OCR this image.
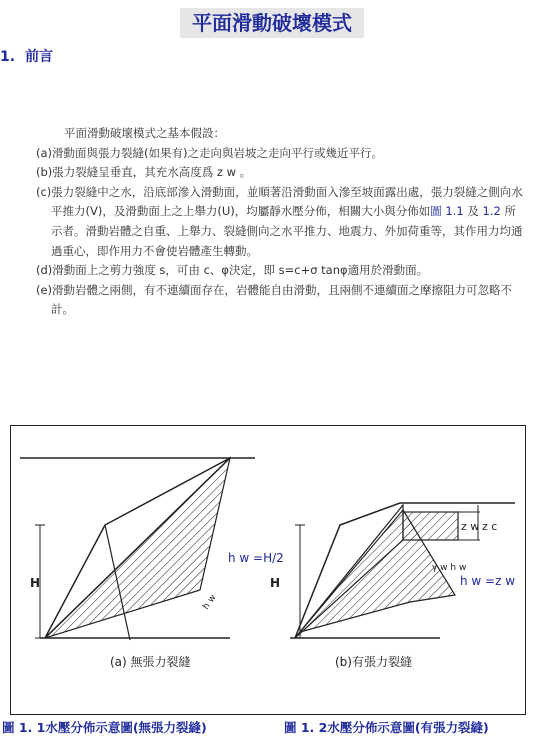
平面滑動破壞模式
1. 前言

平面滑動破壞模式之基本假設：

(a)滑動面與張力裂縫(如果有)之走向與岩坡之走向平行或幾近平行。

(b)張力裂縫呈垂直，其充水高度爲 z w 。

(c)張力裂縫中之水，沿底部滲入滑動面，並順著沿滑動面入滲至坡面露出處，張力裂縫之側向水平推力(V)，及滑動面上之上舉力(U)，均屬靜水壓分佈，相關大小與分佈如圖 1.1 及 1.2 所示者。滑動岩體之自重、上舉力、裂縫側向之水平推力、地震力、外加荷重等，其作用力均通過重心，即作用力不會使岩體產生轉動。

(d)滑動面上之剪力強度 s，可由 c、φ決定，即 s=c+σ tanφ適用於滑動面。

(e)滑動岩體之兩側，有不連續面存在，岩體能自由滑動，且兩側不連續面之摩擦阻力可忽略不計。

H
h w =H/2
h w
(a) 無張力裂縫
H
z w z c
γ w h w
h w =z w
(b)有張力裂縫
圖 1. 1水壓分佈示意圖(無張力裂縫)	圖 1. 2水壓分佈示意圖(有張力裂縫)
